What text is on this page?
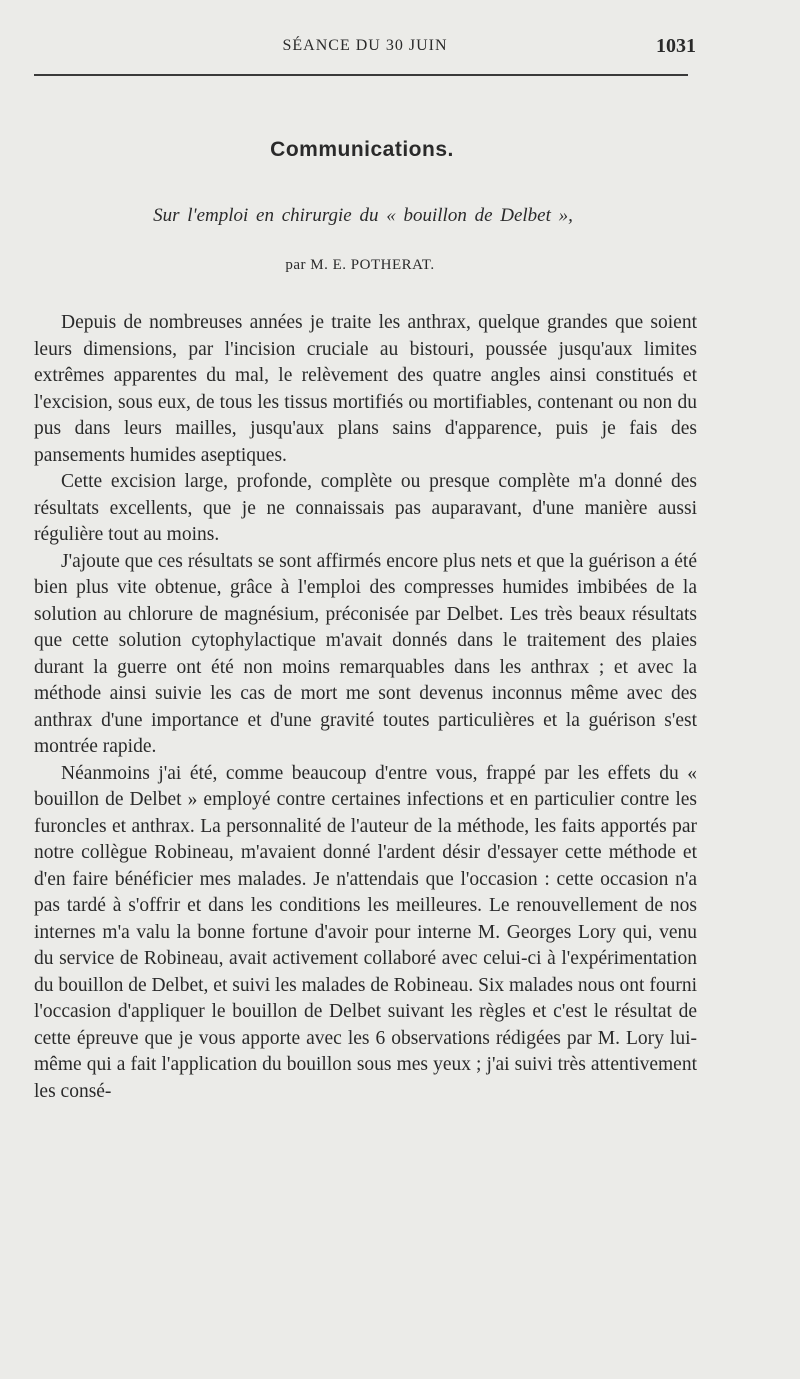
SÉANCE DU 30 JUIN	1031
Communications.
Sur l'emploi en chirurgie du « bouillon de Delbet »,
par M. E. POTHERAT.

Depuis de nombreuses années je traite les anthrax, quelque grandes que soient leurs dimensions, par l'incision cruciale au bistouri, poussée jusqu'aux limites extrêmes apparentes du mal, le relèvement des quatre angles ainsi constitués et l'excision, sous eux, de tous les tissus mortifiés ou mortifiables, contenant ou non du pus dans leurs mailles, jusqu'aux plans sains d'apparence, puis je fais des pansements humides aseptiques.

Cette excision large, profonde, complète ou presque complète m'a donné des résultats excellents, que je ne connaissais pas auparavant, d'une manière aussi régulière tout au moins.

J'ajoute que ces résultats se sont affirmés encore plus nets et que la guérison a été bien plus vite obtenue, grâce à l'emploi des compresses humides imbibées de la solution au chlorure de magnésium, préconisée par Delbet. Les très beaux résultats que cette solution cytophylactique m'avait donnés dans le traitement des plaies durant la guerre ont été non moins remarquables dans les anthrax ; et avec la méthode ainsi suivie les cas de mort me sont devenus inconnus même avec des anthrax d'une importance et d'une gravité toutes particulières et la guérison s'est montrée rapide.

Néanmoins j'ai été, comme beaucoup d'entre vous, frappé par les effets du « bouillon de Delbet » employé contre certaines infections et en particulier contre les furoncles et anthrax. La personnalité de l'auteur de la méthode, les faits apportés par notre collègue Robineau, m'avaient donné l'ardent désir d'essayer cette méthode et d'en faire bénéficier mes malades. Je n'attendais que l'occasion : cette occasion n'a pas tardé à s'offrir et dans les conditions les meilleures. Le renouvellement de nos internes m'a valu la bonne fortune d'avoir pour interne M. Georges Lory qui, venu du service de Robineau, avait activement collaboré avec celui-ci à l'expérimentation du bouillon de Delbet, et suivi les malades de Robineau. Six malades nous ont fourni l'occasion d'appliquer le bouillon de Delbet suivant les règles et c'est le résultat de cette épreuve que je vous apporte avec les 6 observations rédigées par M. Lory lui-même qui a fait l'application du bouillon sous mes yeux ; j'ai suivi très attentivement les consé-
